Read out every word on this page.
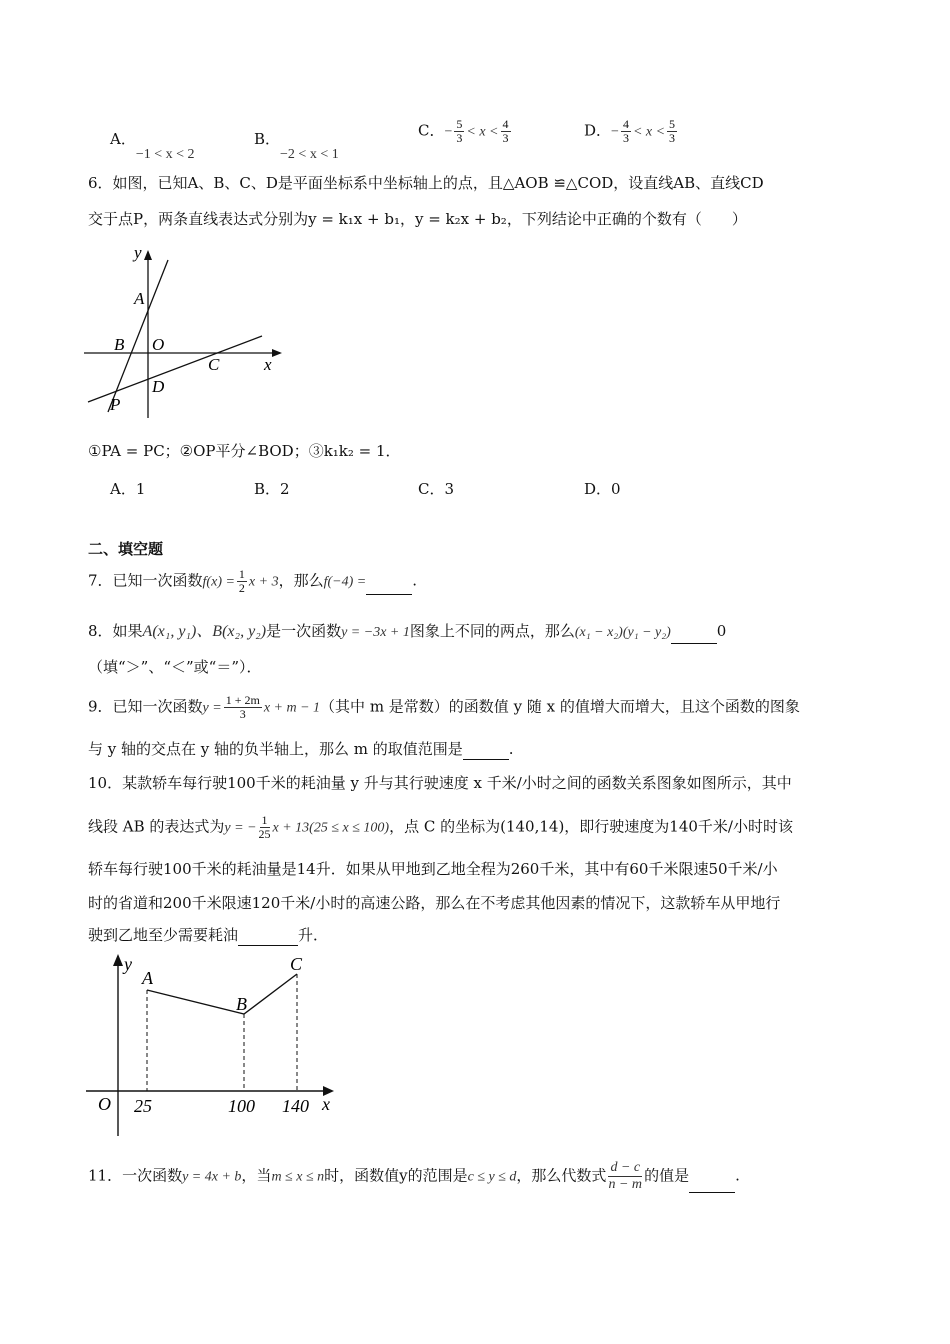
A．−1 < x < 2
B．−2 < x < 1
C．− $\frac{5}{3} < x < \frac{4}{3}$	D．− $\frac{4}{3} < x < \frac{5}{3}$
6．如图，已知A、B、C、D是平面坐标系中坐标轴上的点，且△AOB ≌△COD，设直线AB、直线CD
交于点P，两条直线表达式分别为y = k₁x + b₁，y = k₂x + b₂，下列结论中正确的个数有（　　）
y
x
A
B O
C
D
P
①PA = PC；②OP平分∠BOD；③k₁k₂ = 1．
A．1	B．2	C．3	D．0
二、填空题
7．已知一次函数$f(x) = \frac{1}{2}$ x + 3，那么f(−4) =	.
8．如果A(x₁, y₁)、B(x₂, y₂)是一次函数y = −3x + 1图象上不同的两点，那么(x₁ − x₂)(y₁ − y₂)	0
（填“＞”、“＜”或“＝”）．
9．已知一次函数$y = \frac{1 + 2m}{3}$ x + m − 1（其中 m 是常数）的函数值 y 随 x 的值增大而增大，且这个函数的图象
与 y 轴的交点在 y 轴的负半轴上，那么 m 的取值范围是	.
10．某款轿车每行驶100千米的耗油量 y 升与其行驶速度 x 千米/小时之间的函数关系图象如图所示，其中
线段 AB 的表达式为y = − $\frac{1}{25}$ x + 13(25 ≤ x ≤ 100)，点 C 的坐标为(140,14)，即行驶速度为140千米/小时时该
轿车每行驶100千米的耗油量是14升．如果从甲地到乙地全程为260千米，其中有60千米限速50千米/小
时的省道和200千米限速120千米/小时的高速公路，那么在不考虑其他因素的情况下，这款轿车从甲地行
驶到乙地至少需要耗油	升．
y
x
O
A
B
C
25	100 140
11．一次函数y = 4x + b，当m ≤ x ≤ n时，函数值y的范围是c ≤ y ≤ d，那么代数式 $\frac{d - c}{n - m}$ 的值是	.
